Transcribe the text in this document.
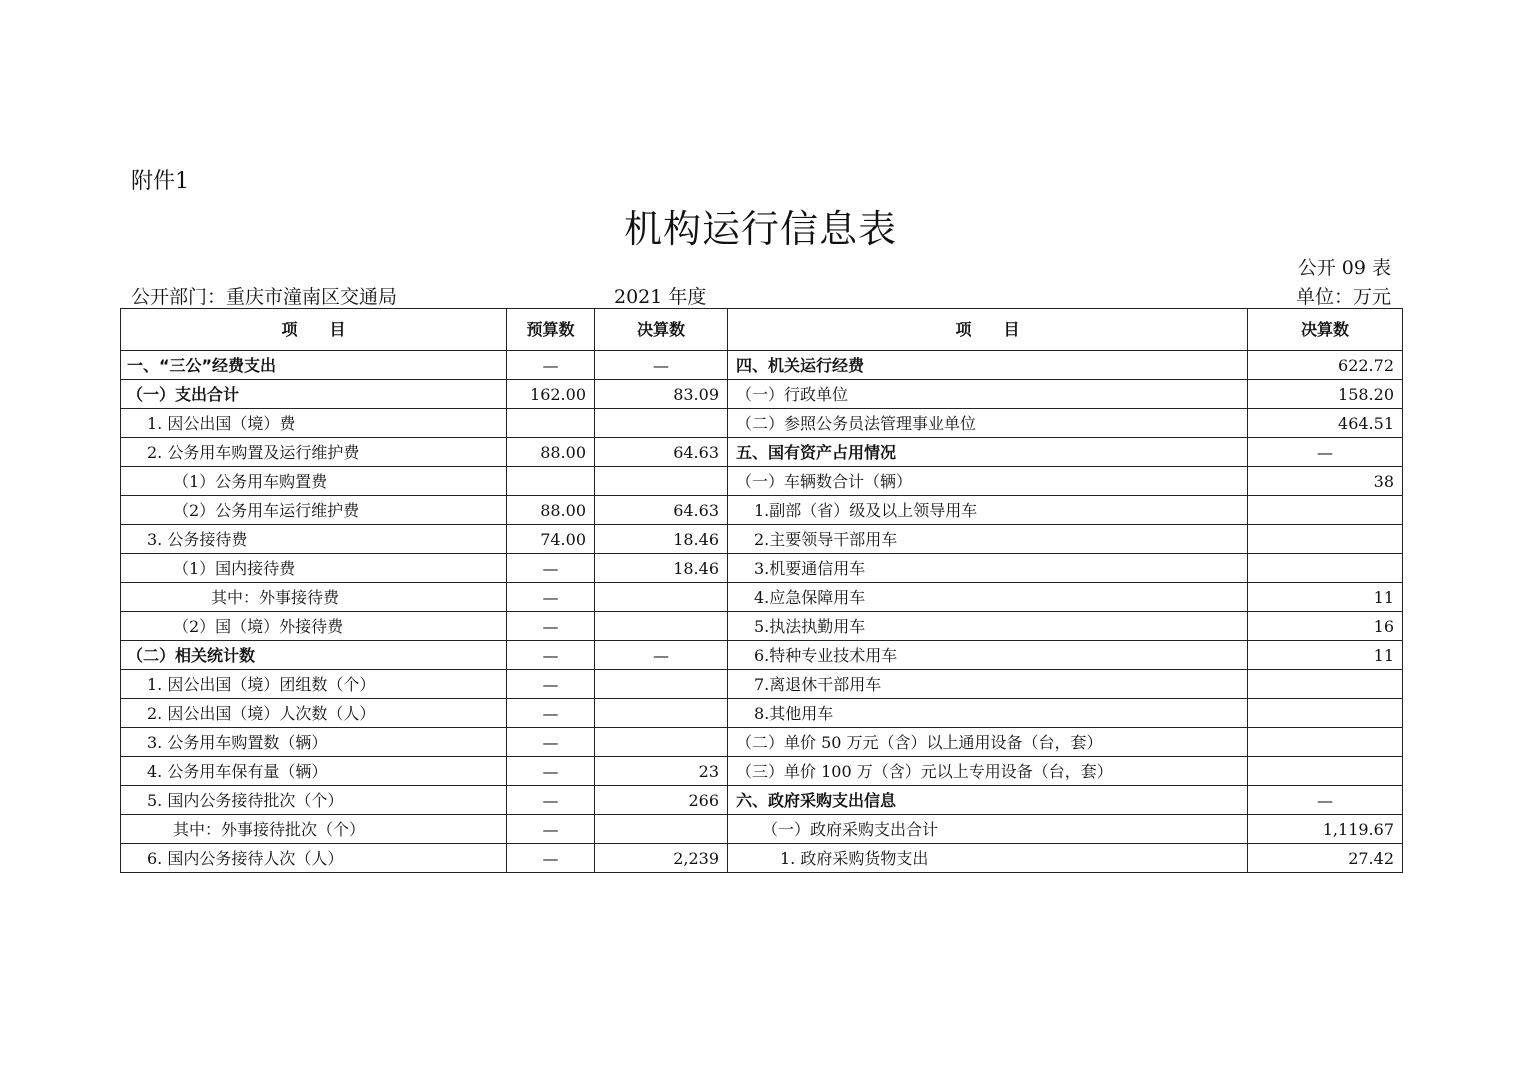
附件1
机构运行信息表
公开 09 表
公开部门：重庆市潼南区交通局	2021 年度	单位：万元
项　　目	预算数	决算数	项　　目	决算数
一、“三公”经费支出	—	—	四、机关运行经费	622.72
（一）支出合计	162.00	83.09	（一）行政单位	158.20
1. 因公出国（境）费			（二）参照公务员法管理事业单位	464.51
2. 公务用车购置及运行维护费	88.00	64.63	五、国有资产占用情况	—
（1）公务用车购置费			（一）车辆数合计（辆）	38
（2）公务用车运行维护费	88.00	64.63	1.副部（省）级及以上领导用车	
3. 公务接待费	74.00	18.46	2.主要领导干部用车	
（1）国内接待费	—	18.46	3.机要通信用车	
其中：外事接待费	—		4.应急保障用车	11
（2）国（境）外接待费	—		5.执法执勤用车	16
（二）相关统计数	—	—	6.特种专业技术用车	11
1. 因公出国（境）团组数（个）	—		7.离退休干部用车	
2. 因公出国（境）人次数（人）	—		8.其他用车	
3. 公务用车购置数（辆）	—		（二）单价 50 万元（含）以上通用设备（台，套）	
4. 公务用车保有量（辆）	—	23	（三）单价 100 万（含）元以上专用设备（台，套）	
5. 国内公务接待批次（个）	—	266	六、政府采购支出信息	—
其中：外事接待批次（个）	—		（一）政府采购支出合计	1,119.67
6. 国内公务接待人次（人）	—	2,239	1. 政府采购货物支出	27.42
